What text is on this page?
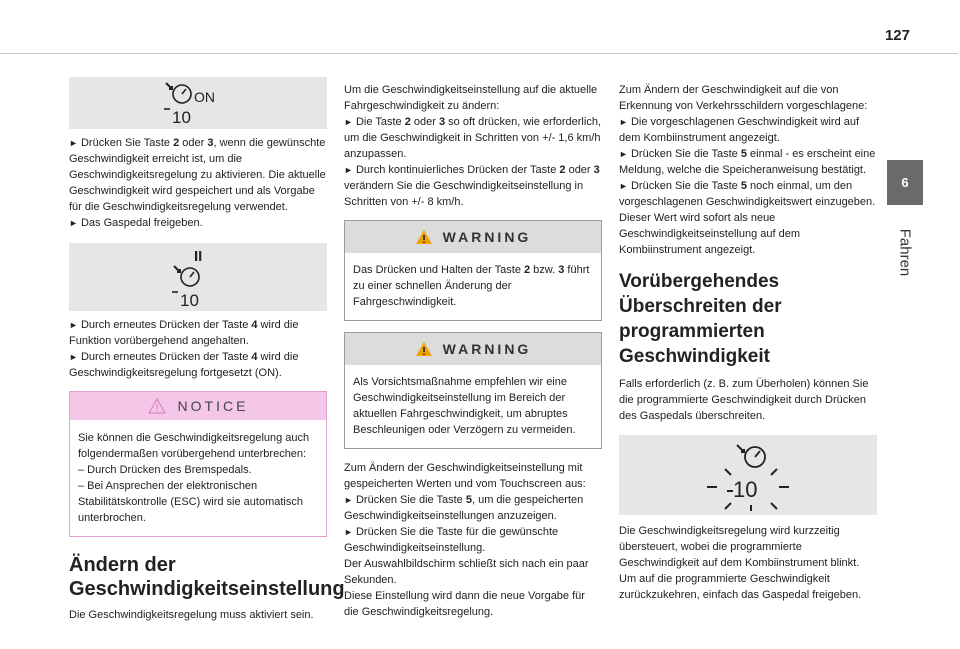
127
6
Fahren
10
ON

► Drücken Sie Taste 2 oder 3, wenn die gewünschte Geschwindigkeit erreicht ist, um die Geschwindigkeitsregelung zu aktivieren. Die aktuelle Geschwindigkeit wird gespeichert und als Vorgabe für die Geschwindigkeitsregelung verwendet.
► Das Gaspedal freigeben.

II
10

► Durch erneutes Drücken der Taste 4 wird die Funktion vorübergehend angehalten.
► Durch erneutes Drücken der Taste 4 wird die Geschwindigkeitsregelung fortgesetzt (ON).

NOTICE

Sie können die Geschwindigkeitsregelung auch folgendermaßen vorübergehend unterbrechen:

– Durch Drücken des Bremspedals.

– Bei Ansprechen der elektronischen Stabilitätskontrolle (ESC) wird sie automatisch unterbrochen.

Ändern der Geschwindigkeitseinstellung

Die Geschwindigkeitsregelung muss aktiviert sein.

Um die Geschwindigkeitseinstellung auf die aktuelle Fahrgeschwindigkeit zu ändern:

► Die Taste 2 oder 3 so oft drücken, wie erforderlich, um die Geschwindigkeit in Schritten von +/- 1,6 km/h anzupassen.

► Durch kontinuierliches Drücken der Taste 2 oder 3 verändern Sie die Geschwindigkeitseinstellung in Schritten von +/- 8 km/h.

WARNING

Das Drücken und Halten der Taste 2 bzw. 3 führt zu einer schnellen Änderung der Fahrgeschwindigkeit.

WARNING

Als Vorsichtsmaßnahme empfehlen wir eine Geschwindigkeitseinstellung im Bereich der aktuellen Fahrgeschwindigkeit, um abruptes Beschleunigen oder Verzögern zu vermeiden.

Zum Ändern der Geschwindigkeitseinstellung mit gespeicherten Werten und vom Touchscreen aus:

► Drücken Sie die Taste 5, um die gespeicherten Geschwindigkeitseinstellungen anzuzeigen.

► Drücken Sie die Taste für die gewünschte Geschwindigkeitseinstellung.

Der Auswahlbildschirm schließt sich nach ein paar Sekunden.

Diese Einstellung wird dann die neue Vorgabe für die Geschwindigkeitsregelung.

Zum Ändern der Geschwindigkeit auf die von Erkennung von Verkehrsschildern vorgeschlagene:

► Die vorgeschlagenen Geschwindigkeit wird auf dem Kombiinstrument angezeigt.

► Drücken Sie die Taste 5 einmal - es erscheint eine Meldung, welche die Speicheranweisung bestätigt.

► Drücken Sie die Taste 5 noch einmal, um den vorgeschlagenen Geschwindigkeitswert einzugeben.

Dieser Wert wird sofort als neue Geschwindigkeitseinstellung auf dem Kombiinstrument angezeigt.

Vorübergehendes Überschreiten der programmierten Geschwindigkeit

Falls erforderlich (z. B. zum Überholen) können Sie die programmierte Geschwindigkeit durch Drücken des Gaspedals überschreiten.

10

Die Geschwindigkeitsregelung wird kurzzeitig übersteuert, wobei die programmierte Geschwindigkeit auf dem Kombiinstrument blinkt.

Um auf die programmierte Geschwindigkeit zurückzukehren, einfach das Gaspedal freigeben.
